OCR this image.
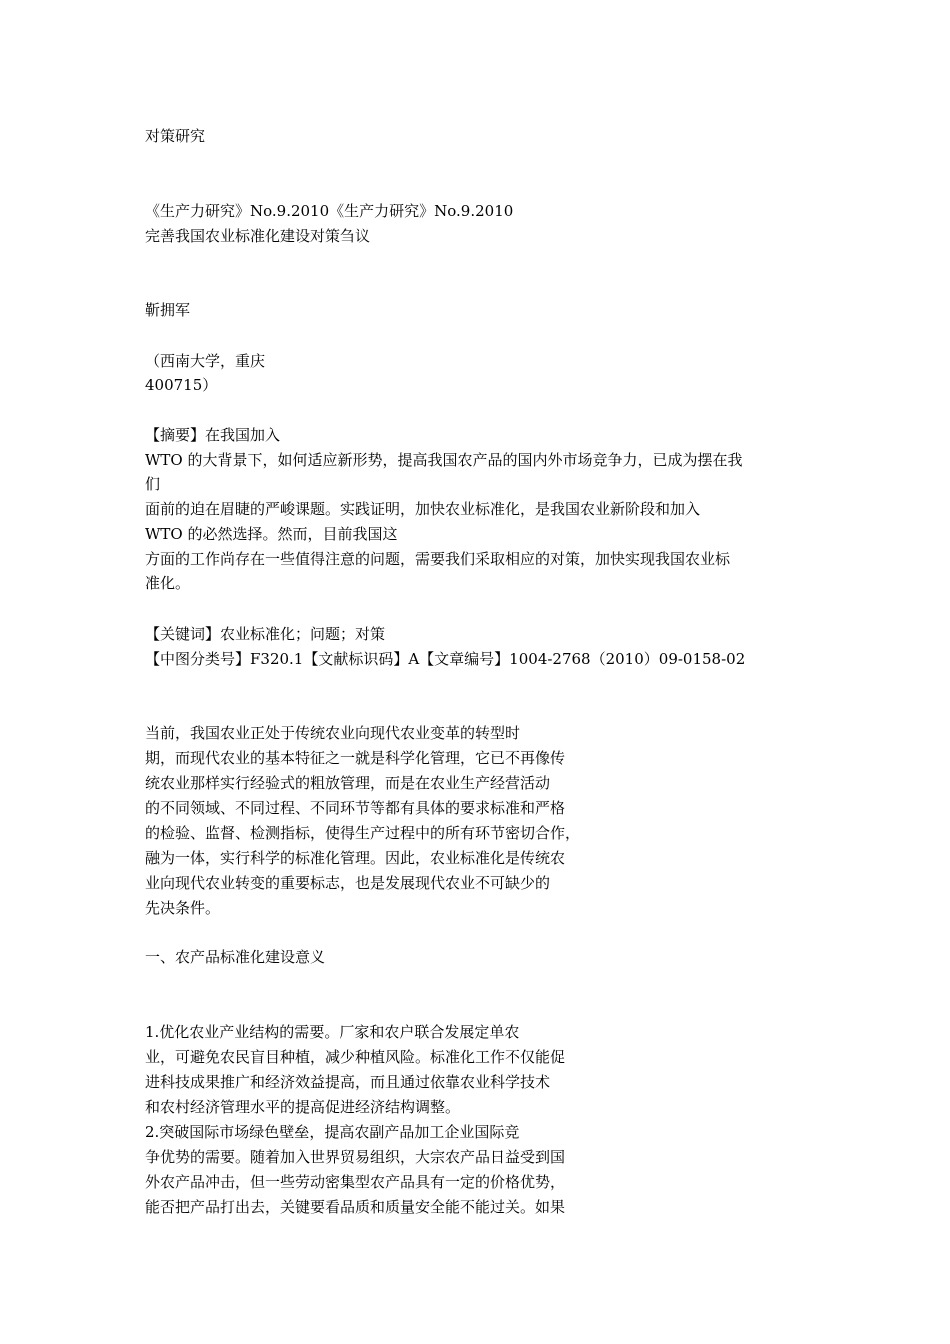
对策研究
《生产力研究》No.9.2010《生产力研究》No.9.2010
完善我国农业标准化建设对策刍议
靳拥军
（西南大学，重庆
400715）
【摘要】在我国加入
WTO 的大背景下，如何适应新形势，提高我国农产品的国内外市场竞争力，已成为摆在我
们
面前的迫在眉睫的严峻课题。实践证明，加快农业标准化，是我国农业新阶段和加入
WTO 的必然选择。然而，目前我国这
方面的工作尚存在一些值得注意的问题，需要我们采取相应的对策，加快实现我国农业标
准化。
【关键词】农业标准化；问题；对策
【中图分类号】F320.1【文献标识码】A【文章编号】1004-2768（2010）09-0158-02
当前，我国农业正处于传统农业向现代农业变革的转型时
期，而现代农业的基本特征之一就是科学化管理，它已不再像传
统农业那样实行经验式的粗放管理，而是在农业生产经营活动
的不同领域、不同过程、不同环节等都有具体的要求标准和严格
的检验、监督、检测指标，使得生产过程中的所有环节密切合作，
融为一体，实行科学的标准化管理。因此，农业标准化是传统农
业向现代农业转变的重要标志，也是发展现代农业不可缺少的
先决条件。
一、农产品标准化建设意义
1.优化农业产业结构的需要。厂家和农户联合发展定单农
业，可避免农民盲目种植，减少种植风险。标准化工作不仅能促
进科技成果推广和经济效益提高，而且通过依靠农业科学技术
和农村经济管理水平的提高促进经济结构调整。
2.突破国际市场绿色壁垒，提高农副产品加工企业国际竞
争优势的需要。随着加入世界贸易组织，大宗农产品日益受到国
外农产品冲击，但一些劳动密集型农产品具有一定的价格优势，
能否把产品打出去，关键要看品质和质量安全能不能过关。如果
